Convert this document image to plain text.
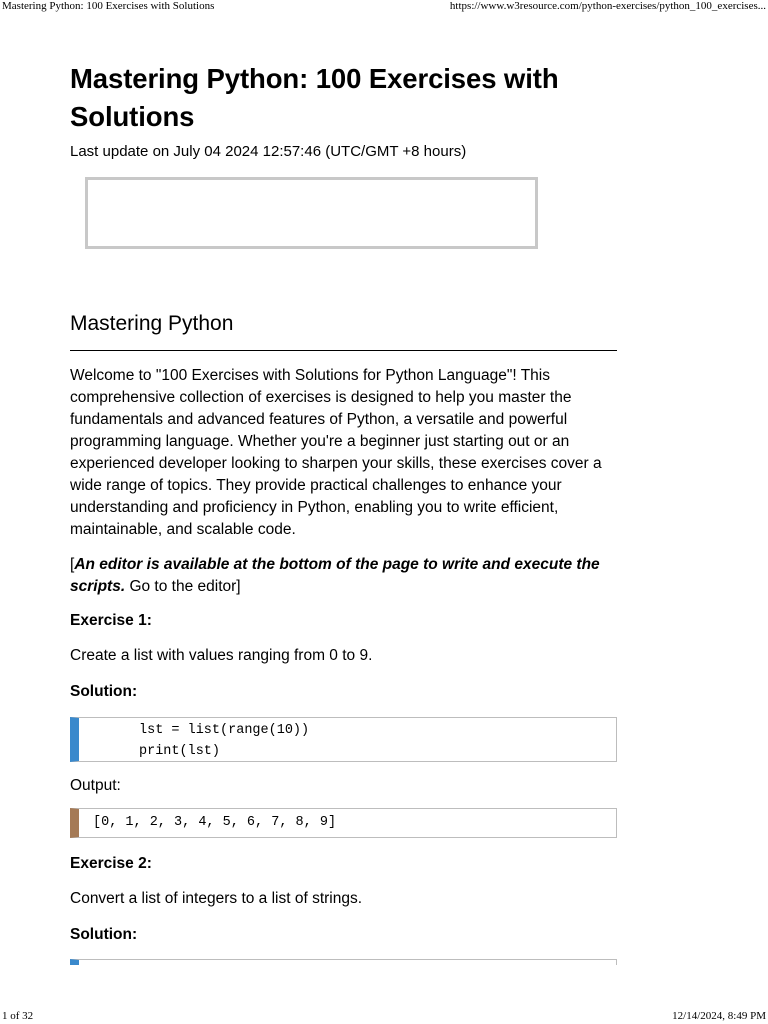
Mastering Python: 100 Exercises with Solutions	https://www.w3resource.com/python-exercises/python_100_exercises...
Mastering Python: 100 Exercises with Solutions
Last update on July 04 2024 12:57:46 (UTC/GMT +8 hours)
Mastering Python

Welcome to "100 Exercises with Solutions for Python Language"! This comprehensive collection of exercises is designed to help you master the fundamentals and advanced features of Python, a versatile and powerful programming language. Whether you're a beginner just starting out or an experienced developer looking to sharpen your skills, these exercises cover a wide range of topics. They provide practical challenges to enhance your understanding and proficiency in Python, enabling you to write efficient, maintainable, and scalable code.

[An editor is available at the bottom of the page to write and execute the scripts. Go to the editor]

Exercise 1:
Create a list with values ranging from 0 to 9.
Solution:
lst = list(range(10))
print(lst)
Output:
[0, 1, 2, 3, 4, 5, 6, 7, 8, 9]
Exercise 2:
Convert a list of integers to a list of strings.
Solution:
1 of 32	12/14/2024, 8:49 PM
